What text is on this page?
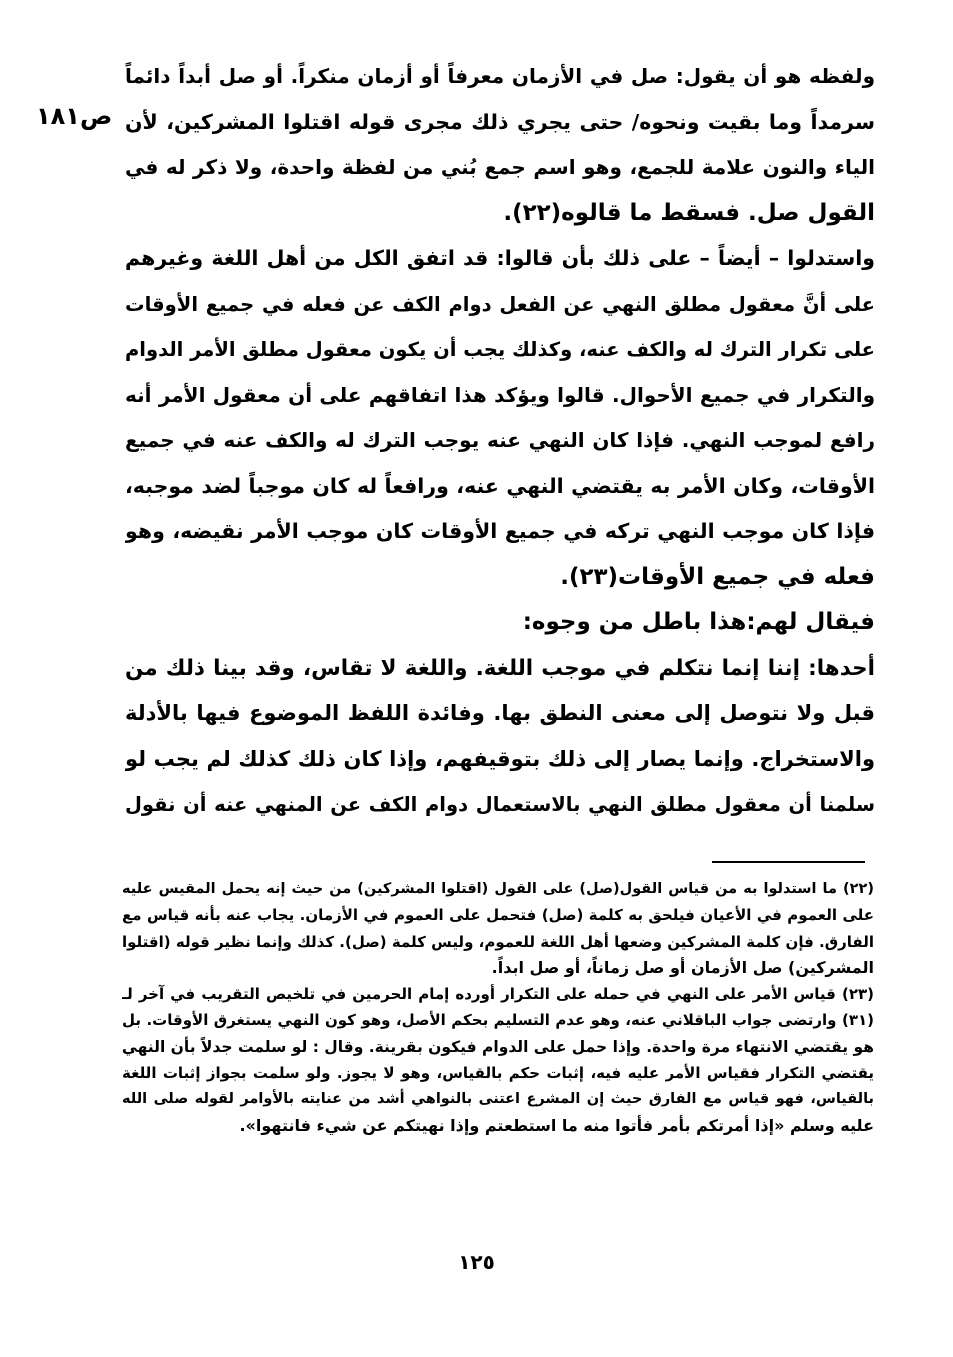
ص١٨١
ولفظه هو أن يقول: صل في الأزمان معرفاً أو أزمان منكراً. أو صل أبداً دائماً
سرمداً وما بقيت ونحوه/ حتى يجري ذلك مجرى قوله اقتلوا المشركين، لأن
الياء والنون علامة للجمع، وهو اسم جمع بُني من لفظة واحدة، ولا ذكر له في
القول صل. فسقط ما قالوه(٢٢).
واستدلوا – أيضاً – على ذلك بأن قالوا: قد اتفق الكل من أهل اللغة وغيرهم
على أنَّ معقول مطلق النهي عن الفعل دوام الكف عن فعله في جميع الأوقات
على تكرار الترك له والكف عنه، وكذلك يجب أن يكون معقول مطلق الأمر الدوام
والتكرار في جميع الأحوال. قالوا ويؤكد هذا اتفاقهم على أن معقول الأمر أنه
رافع لموجب النهي. فإذا كان النهي عنه يوجب الترك له والكف عنه في جميع
الأوقات، وكان الأمر به يقتضي النهي عنه، ورافعاً له كان موجباً لضد موجبه،
فإذا كان موجب النهي تركه في جميع الأوقات كان موجب الأمر نقيضه، وهو
فعله في جميع الأوقات(٢٣).
فيقال لهم:هذا باطل من وجوه:
أحدها: إننا إنما نتكلم في موجب اللغة. واللغة لا تقاس، وقد بينا ذلك من
قبل ولا نتوصل إلى معنى النطق بها. وفائدة اللفظ الموضوع فيها بالأدلة
والاستخراج. وإنما يصار إلى ذلك بتوقيفهم، وإذا كان ذلك كذلك لم يجب لو
سلمنا أن معقول مطلق النهي بالاستعمال دوام الكف عن المنهي عنه أن نقول
(٢٢) ما استدلوا به من قياس القول(صل) على القول (اقتلوا المشركين) من حيث إنه يحمل المقيس عليه
على العموم في الأعيان فيلحق به كلمة (صل) فتحمل على العموم في الأزمان. يجاب عنه بأنه قياس مع
الفارق. فإن كلمة المشركين وضعها أهل اللغة للعموم، وليس كلمة (صل). كذلك وإنما نظير قوله (اقتلوا
المشركين) صل الأزمان أو صل زماناً، أو صل ابداً.
(٢٣) قياس الأمر على النهي في حمله على التكرار أورده إمام الحرمين في تلخيص التقريب في آخر لـ
(٣١) وارتضى جواب الباقلاني عنه، وهو عدم التسليم بحكم الأصل، وهو كون النهي يستغرق الأوقات. بل
هو يقتضي الانتهاء مرة واحدة. وإذا حمل على الدوام فيكون بقرينة. وقال : لو سلمت جدلاً بأن النهي
يقتضي التكرار فقياس الأمر عليه فيه، إثبات حكم بالقياس، وهو لا يجوز. ولو سلمت بجواز إثبات اللغة
بالقياس، فهو قياس مع الفارق حيث إن المشرع اعتنى بالنواهي أشد من عنايته بالأوامر لقوله صلى الله
عليه وسلم «إذا أمرتكم بأمر فأتوا منه ما استطعتم وإذا نهيتكم عن شيء فانتهوا».
١٢٥
